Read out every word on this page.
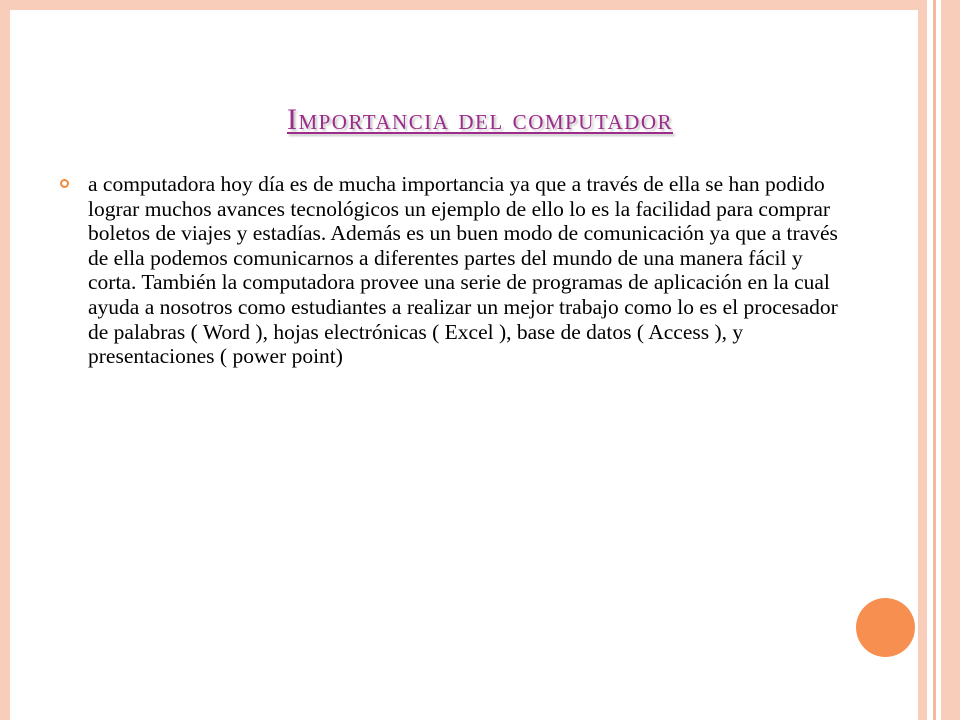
Importancia del computador

a computadora hoy día es de mucha importancia ya que a través de ella se han podido lograr muchos avances tecnológicos un ejemplo de ello lo es la facilidad para comprar boletos de viajes y estadías. Además es un buen modo de comunicación ya que a través de ella podemos comunicarnos a diferentes partes del mundo de una manera fácil y corta. También la computadora provee una serie de programas de aplicación en la cual ayuda a nosotros como estudiantes a realizar un mejor trabajo como lo es el procesador de palabras ( Word ), hojas electrónicas ( Excel ), base de datos ( Access ), y presentaciones ( power point)
